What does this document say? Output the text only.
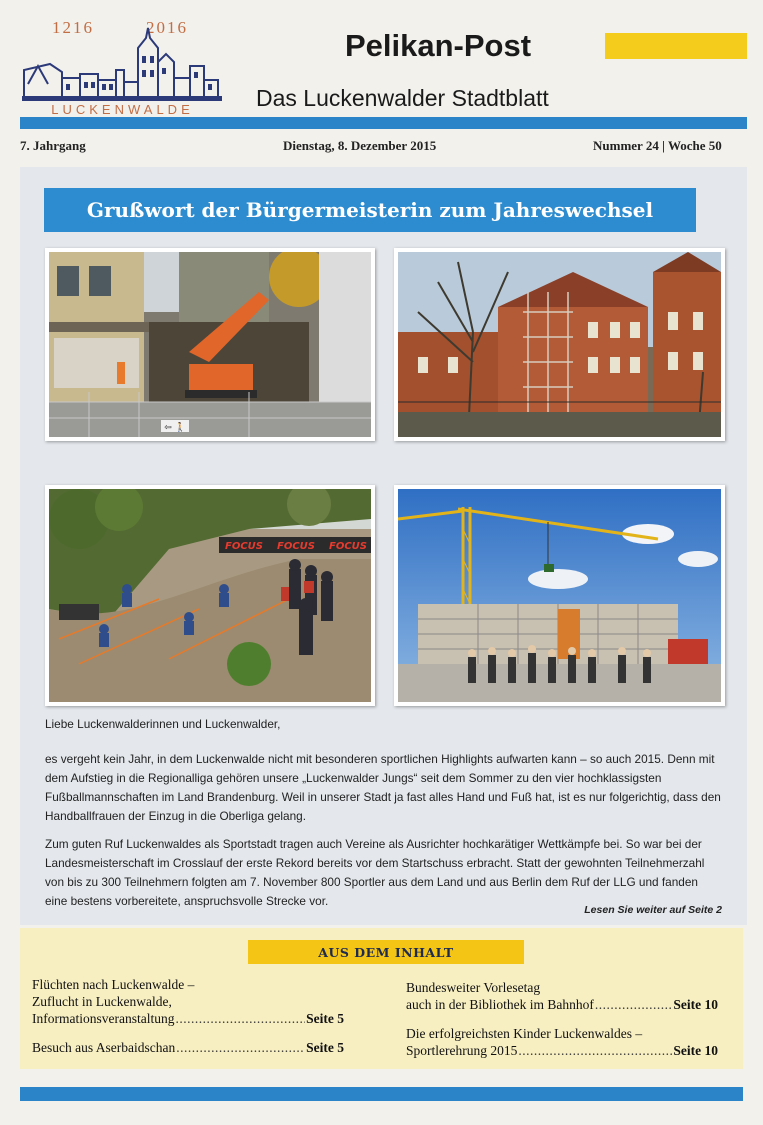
1216	2016
LUCKENWALDE
Pelikan-Post
Das Luckenwalder Stadtblatt
7. Jahrgang	Dienstag, 8. Dezember 2015	Nummer 24 | Woche 50
Grußwort der Bürgermeisterin zum Jahreswechsel
⇦ 🚶
FOCUS FOCUS FOCUS
Liebe Luckenwalderinnen und Luckenwalder,
es vergeht kein Jahr, in dem Luckenwalde nicht mit besonderen sportlichen Highlights aufwarten kann – so auch 2015. Denn mit dem Aufstieg in die Regionalliga gehören unsere „Luckenwalder Jungs“ seit dem Sommer zu den vier hochklassigsten Fußballmannschaften im Land Brandenburg. Weil in unserer Stadt ja fast alles Hand und Fuß hat, ist es nur folgerichtig, dass den Handballfrauen der Einzug in die Oberliga gelang.
Zum guten Ruf Luckenwaldes als Sportstadt tragen auch Vereine als Ausrichter hochkarätiger Wettkämpfe bei. So war bei der Landesmeisterschaft im Crosslauf der erste Rekord bereits vor dem Startschuss erbracht. Statt der gewohnten Teilnehmerzahl von bis zu 300 Teilnehmern folgten am 7. November 800 Sportler aus dem Land und aus Berlin dem Ruf der LLG und fanden eine bestens vorbereitete, anspruchsvolle Strecke vor.
Lesen Sie weiter auf Seite 2
AUS DEM INHALT
Flüchten nach Luckenwalde –
Zuflucht in Luckenwalde,
Informationsveranstaltung .....	Seite 5
Besuch aus Aserbaidschan .....	Seite 5
Bundesweiter Vorlesetag
auch in der Bibliothek im Bahnhof .....	Seite 10
Die erfolgreichsten Kinder Luckenwaldes –
Sportlerehrung 2015 .....	Seite 10
